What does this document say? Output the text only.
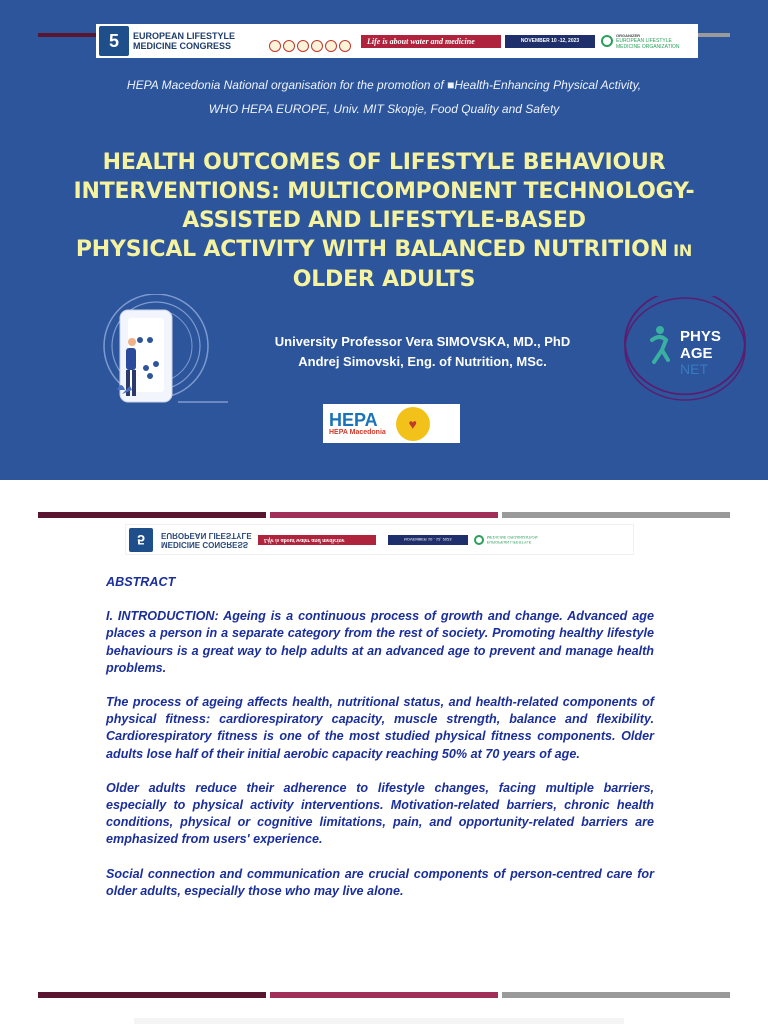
5	EUROPEAN LIFESTYLE
MEDICINE CONGRESS	Life is about water and medicine	NOVEMBER 10 -12, 2023
ORGANIZER
EUROPEAN LIFESTYLE
MEDICINE ORGANIZATION
HEPA Macedonia National organisation for the promotion of ■Health-Enhancing Physical Activity,
WHO HEPA EUROPE, Univ. MIT Skopje, Food Quality and Safety
HEALTH OUTCOMES OF LIFESTYLE BEHAVIOUR
INTERVENTIONS: MULTICOMPONENT TECHNOLOGY-
ASSISTED AND LIFESTYLE-BASED
PHYSICAL ACTIVITY WITH BALANCED NUTRITION IN
OLDER ADULTS
University Professor Vera SIMOVSKA, MD., PhD
Andrej Simovski, Eng. of Nutrition, MSc.
HEPA
HEPA Macedonia
♥
PHYS
AGE
NET
5	MEDICINE CONGRESS
EUROPEAN LIFESTYLE	Life is about water and medicine	NOVEMBER 10 - 12, 2023	EUROPEAN LIFESTYLE
MEDICINE ORGANIZATION

ABSTRACT

I. INTRODUCTION: Ageing is a continuous process of growth and change. Advanced age places a person in a separate category from the rest of society. Promoting healthy lifestyle behaviours is a great way to help adults at an advanced age to prevent and manage health problems.

The process of ageing affects health, nutritional status, and health-related components of physical fitness: cardiorespiratory capacity, muscle strength, balance and flexibility. Cardiorespiratory fitness is one of the most studied physical fitness components. Older adults lose half of their initial aerobic capacity reaching 50% at 70 years of age.

Older adults reduce their adherence to lifestyle changes, facing multiple barriers, especially to physical activity interventions. Motivation-related barriers, chronic health conditions, physical or cognitive limitations, pain, and opportunity-related barriers are emphasized from users' experience.

Social connection and communication are crucial components of person-centred care for older adults, especially those who may live alone.
